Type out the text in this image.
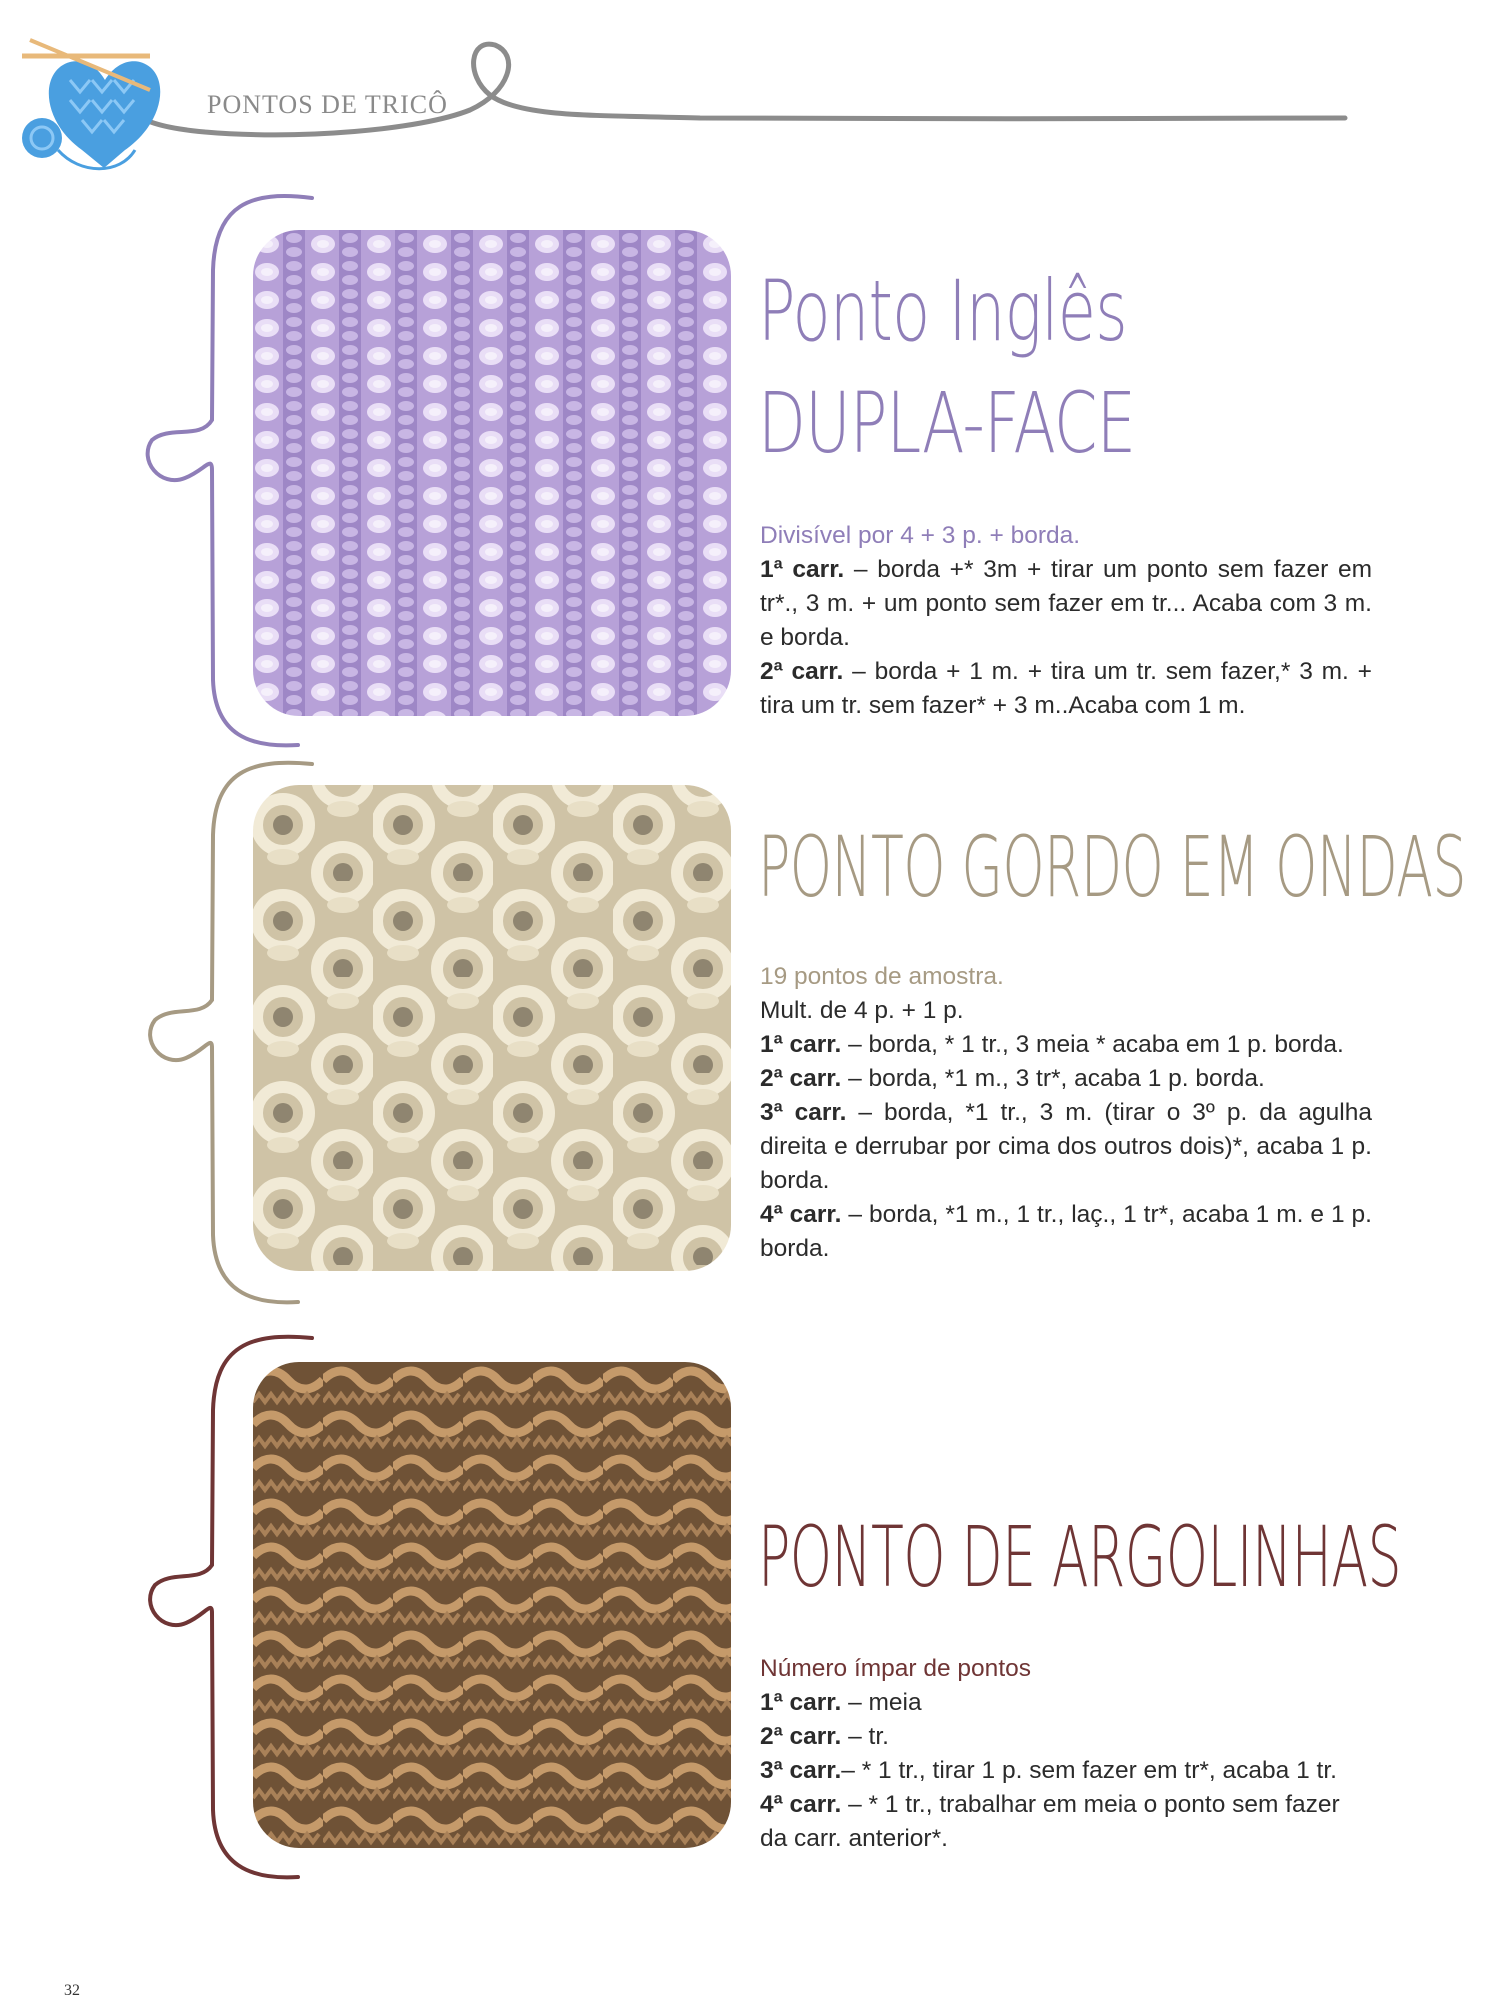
PONTOS DE TRICÔ
Ponto Inglês
DUPLA-FACE

Divisível por 4 + 3 p. + borda.

1ª carr. – borda +* 3m + tirar um ponto sem fazer em tr*., 3 m. + um ponto sem fazer em tr... Acaba com 3 m. e borda.

2ª carr. – borda + 1 m. + tira um tr. sem fazer,* 3 m. + tira um tr. sem fazer* + 3 m..Acaba com 1 m.

PONTO GORDO EM ONDAS

19 pontos de amostra.

Mult. de 4 p. + 1 p.

1ª carr. – borda, * 1 tr., 3 meia * acaba em 1 p. borda.

2ª carr. – borda, *1 m., 3 tr*, acaba 1 p. borda.

3ª carr. – borda, *1 tr., 3 m. (tirar o 3º p. da agulha direita e derrubar por cima dos outros dois)*, acaba 1 p. borda.

4ª carr. – borda, *1 m., 1 tr., laç., 1 tr*, acaba 1 m. e 1 p. borda.

PONTO DE ARGOLINHAS

Número ímpar de pontos

1ª carr. – meia

2ª carr. – tr.

3ª carr.– * 1 tr., tirar 1 p. sem fazer em tr*, acaba 1 tr.

4ª carr. – * 1 tr., trabalhar em meia o ponto sem fazer da carr. anterior*.

32
